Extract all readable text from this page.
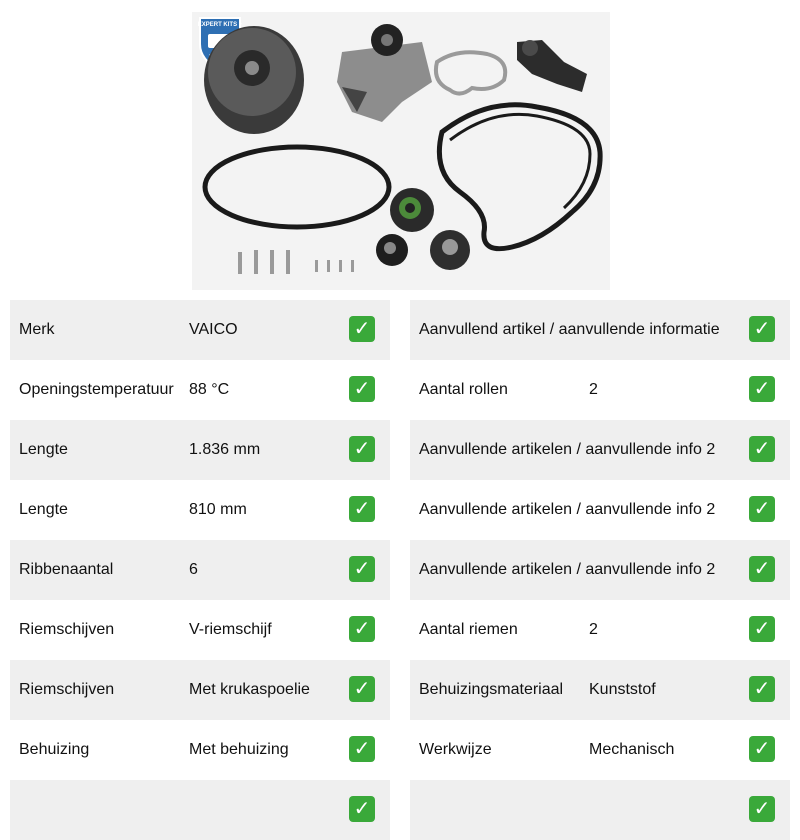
EXPERT KITS +
Merk	VAICO	✓
Openingstemperatuur 88 °C	✓
Lengte	1.836 mm	✓
Lengte	810 mm	✓
Ribbenaantal	6	✓
Riemschijven	V-riemschijf	✓
Riemschijven	Met krukaspoelie	✓
Behuizing	Met behuizing	✓
✓
Aanvullend artikel / aanvullende informatie	✓
Aantal rollen	2	✓
Aanvullende artikelen / aanvullende info 2	✓
Aanvullende artikelen / aanvullende info 2	✓
Aanvullende artikelen / aanvullende info 2	✓
Aantal riemen	2	✓
Behuizingsmateriaal	Kunststof	✓
Werkwijze	Mechanisch	✓
✓
